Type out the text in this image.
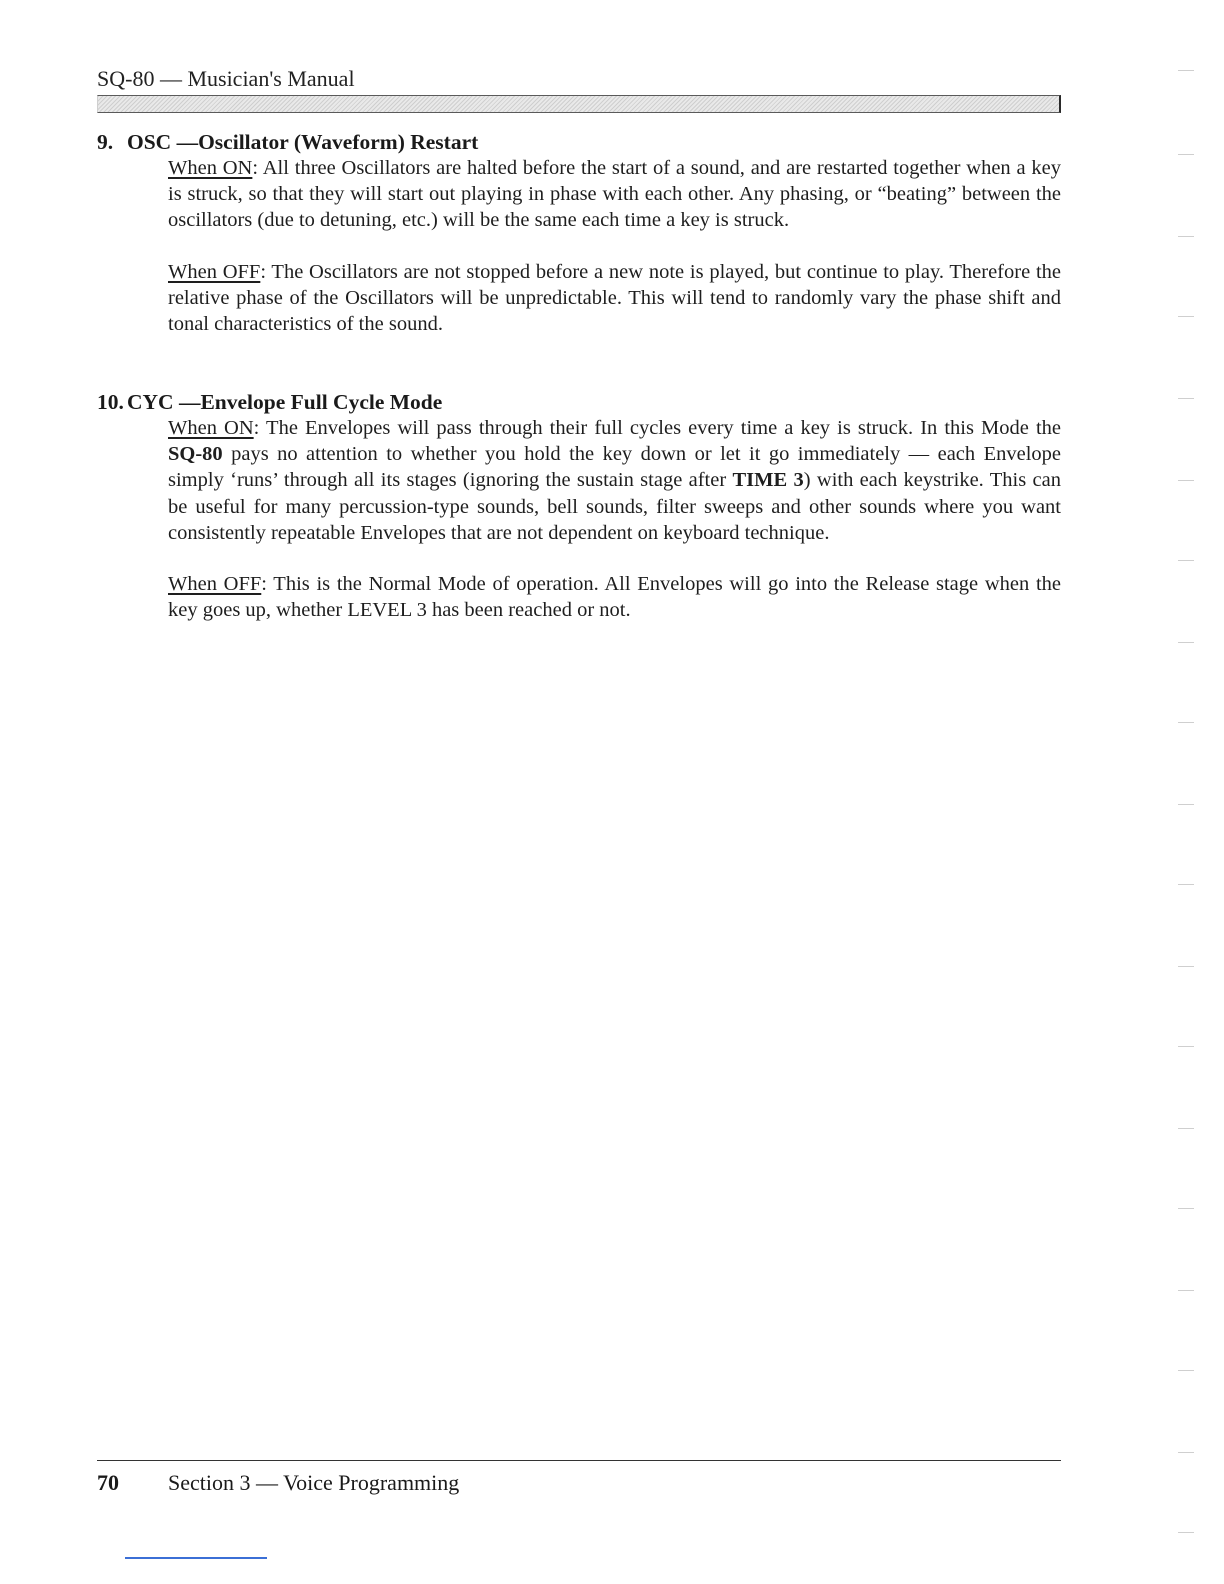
SQ-80 — Musician's Manual
9. OSC —Oscillator (Waveform) Restart

When ON: All three Oscillators are halted before the start of a sound, and are restarted together when a key is struck, so that they will start out playing in phase with each other. Any phasing, or “beating” between the oscillators (due to detuning, etc.) will be the same each time a key is struck.

When OFF: The Oscillators are not stopped before a new note is played, but continue to play. Therefore the relative phase of the Oscillators will be unpredictable. This will tend to randomly vary the phase shift and tonal characteristics of the sound.

10. CYC —Envelope Full Cycle Mode

When ON: The Envelopes will pass through their full cycles every time a key is struck. In this Mode the SQ-80 pays no attention to whether you hold the key down or let it go immediately — each Envelope simply ‘runs’ through all its stages (ignoring the sustain stage after TIME 3) with each keystrike. This can be useful for many percussion-type sounds, bell sounds, filter sweeps and other sounds where you want consistently repeatable Envelopes that are not dependent on keyboard technique.

When OFF: This is the Normal Mode of operation. All Envelopes will go into the Release stage when the key goes up, whether LEVEL 3 has been reached or not.

70 Section 3 — Voice Programming
